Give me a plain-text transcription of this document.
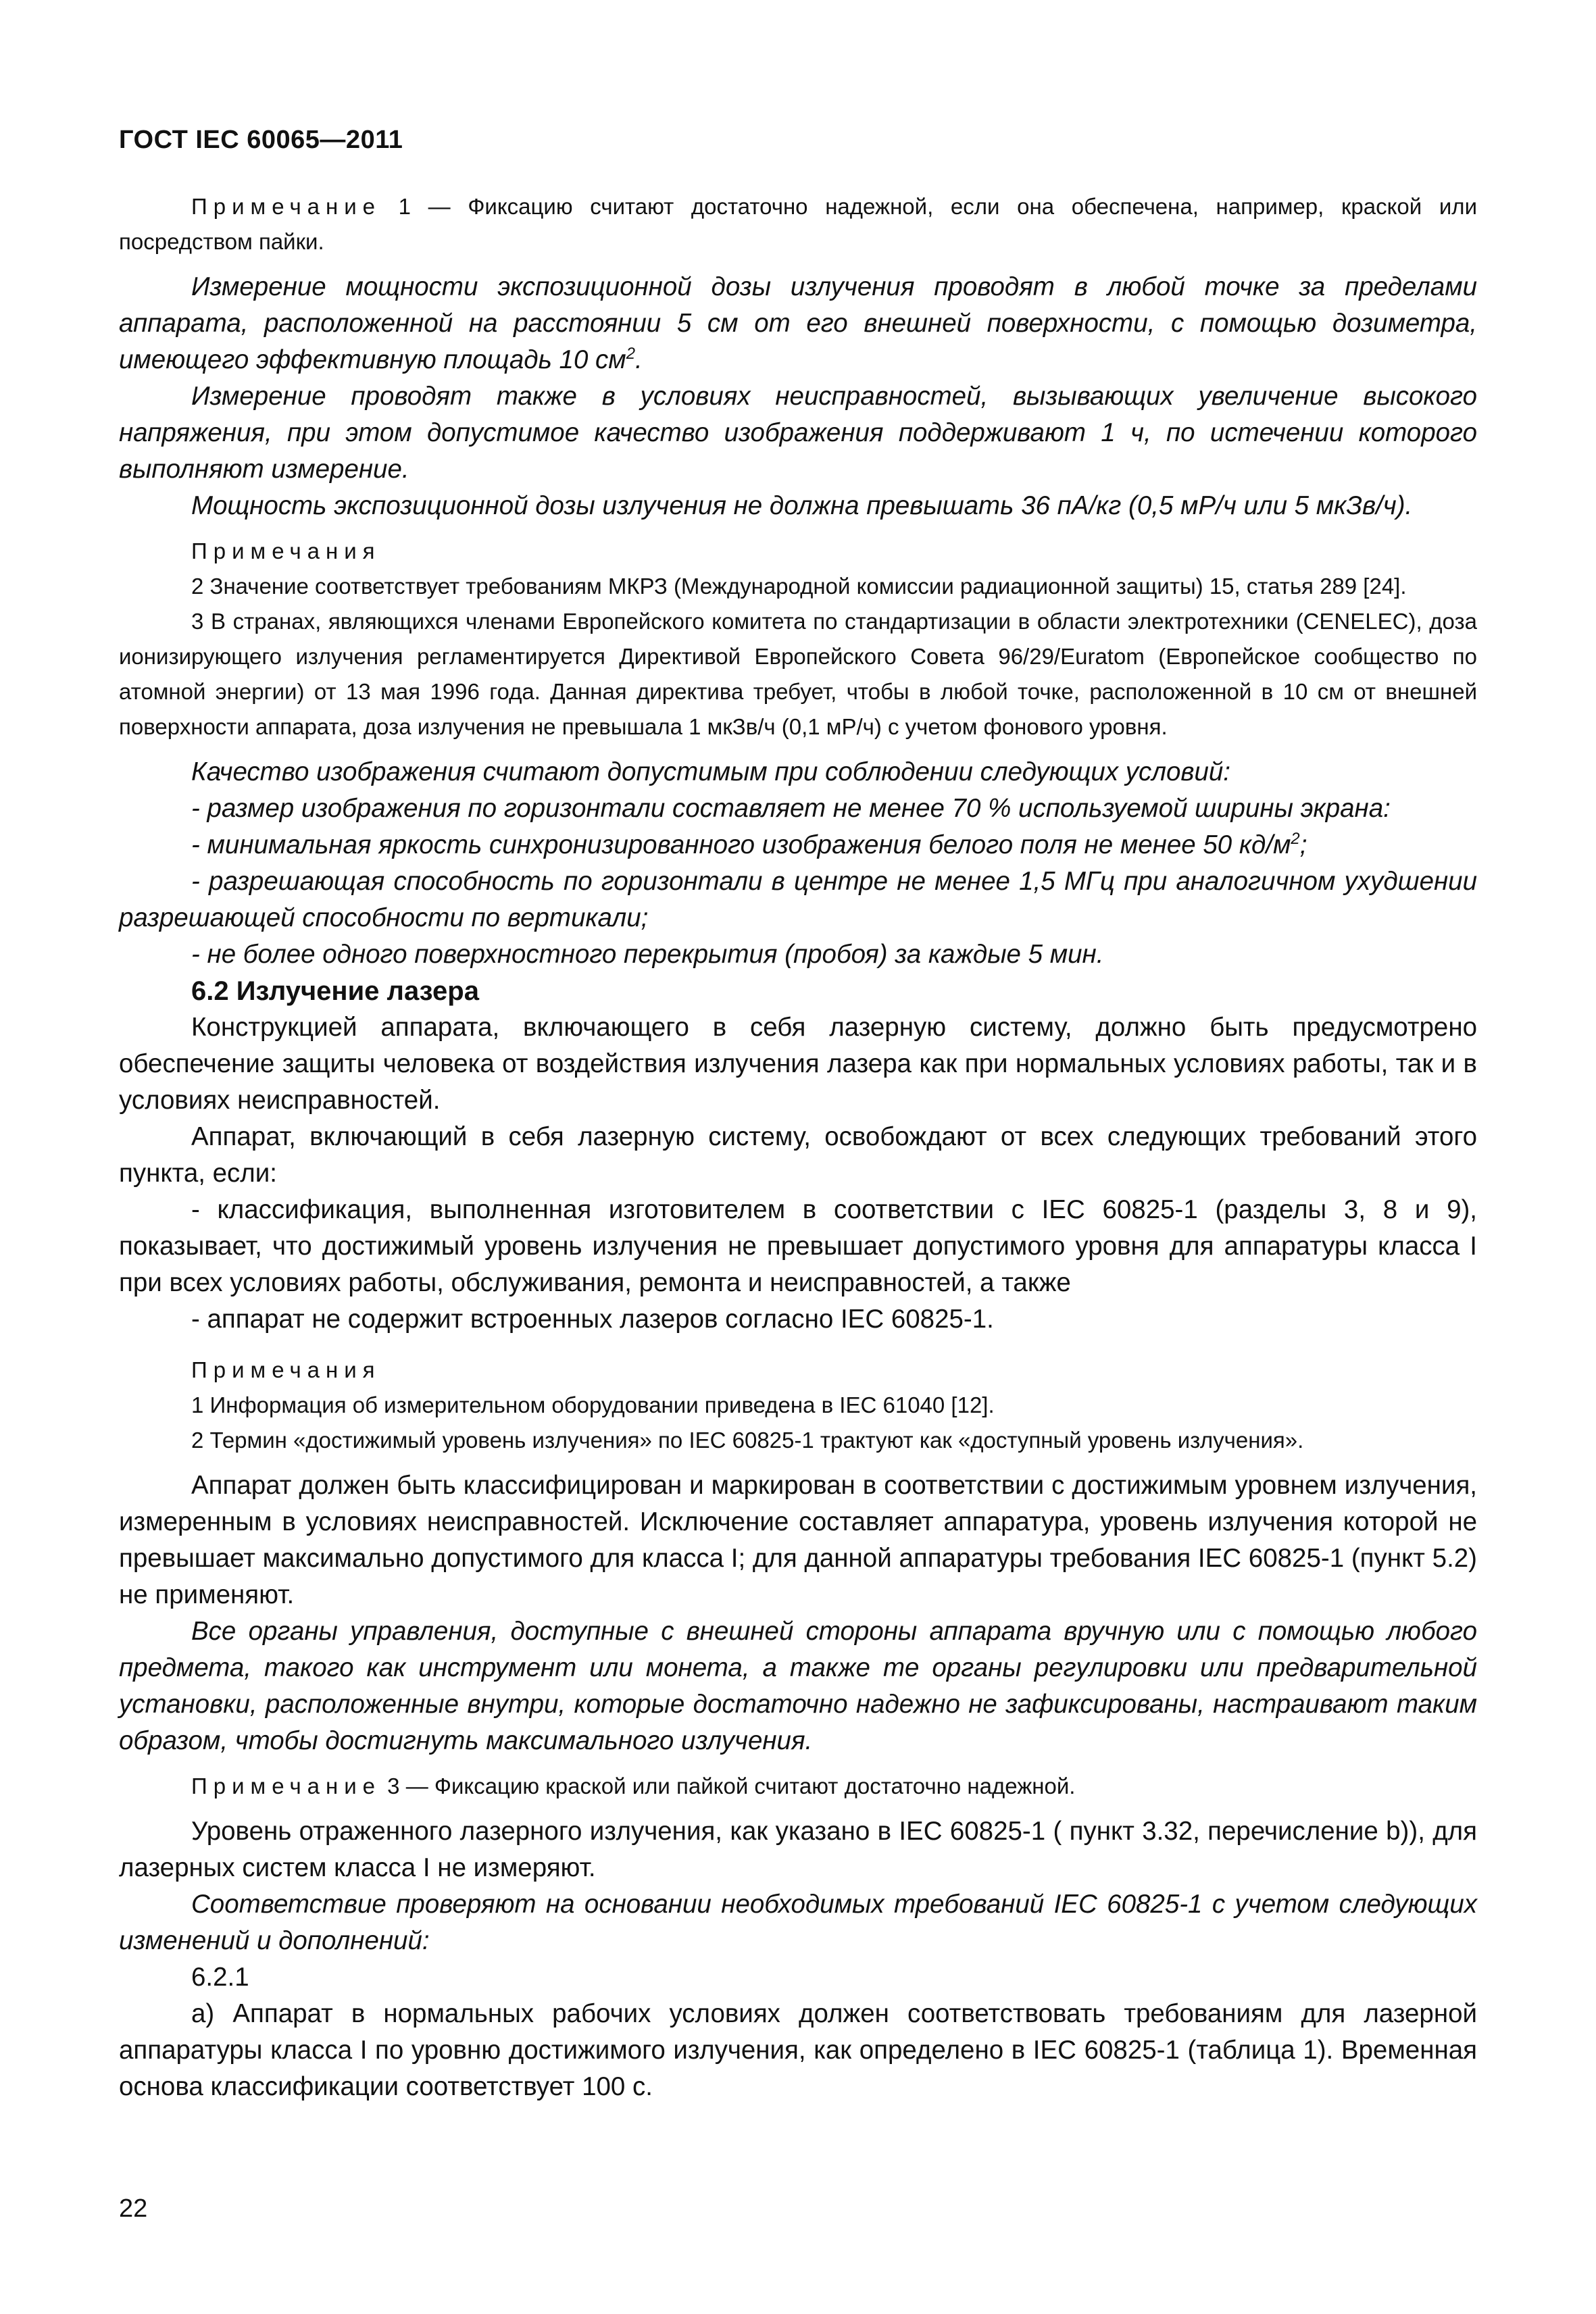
ГОСТ IEC 60065—2011

Примечание 1 — Фиксацию считают достаточно надежной, если она обеспечена, например, краской или посредством пайки.

Измерение мощности экспозиционной дозы излучения проводят в любой точке за пределами аппарата, расположенной на расстоянии 5 см от его внешней поверхности, с помощью дозиметра, имеющего эффективную площадь 10 $см^2$.

Измерение проводят также в условиях неисправностей, вызывающих увеличение высокого напряжения, при этом допустимое качество изображения поддерживают 1 ч, по истечении которого выполняют измерение.

Мощность экспозиционной дозы излучения не должна превышать 36 пА/кг (0,5 мР/ч или 5 мкЗв/ч).

Примечания

2 Значение соответствует требованиям МКРЗ (Международной комиссии радиационной защиты) 15, статья 289 [24].

3 В странах, являющихся членами Европейского комитета по стандартизации в области электротехники (CENELEC), доза ионизирующего излучения регламентируется Директивой Европейского Совета 96/29/Euratom (Европейское сообщество по атомной энергии) от 13 мая 1996 года. Данная директива требует, чтобы в любой точке, расположенной в 10 см от внешней поверхности аппарата, доза излучения не превышала 1 мкЗв/ч (0,1 мР/ч) с учетом фонового уровня.

Качество изображения считают допустимым при соблюдении следующих условий:

- размер изображения по горизонтали составляет не менее 70 % используемой ширины экрана:

- минимальная яркость синхронизированного изображения белого поля не менее 50 $кд/м^2$;

- разрешающая способность по горизонтали в центре не менее 1,5 МГц при аналогичном ухудшении разрешающей способности по вертикали;

- не более одного поверхностного перекрытия (пробоя) за каждые 5 мин.

6.2 Излучение лазера

Конструкцией аппарата, включающего в себя лазерную систему, должно быть предусмотрено обеспечение защиты человека от воздействия излучения лазера как при нормальных условиях работы, так и в условиях неисправностей.

Аппарат, включающий в себя лазерную систему, освобождают от всех следующих требований этого пункта, если:

- классификация, выполненная изготовителем в соответствии с IEC 60825-1 (разделы 3, 8 и 9), показывает, что достижимый уровень излучения не превышает допустимого уровня для аппаратуры класса I при всех условиях работы, обслуживания, ремонта и неисправностей, а также

- аппарат не содержит встроенных лазеров согласно IEC 60825-1.

Примечания

1 Информация об измерительном оборудовании приведена в IEC 61040 [12].

2 Термин «достижимый уровень излучения» по IEC 60825-1 трактуют как «доступный уровень излучения».

Аппарат должен быть классифицирован и маркирован в соответствии с достижимым уровнем излучения, измеренным в условиях неисправностей. Исключение составляет аппаратура, уровень излучения которой не превышает максимально допустимого для класса I; для данной аппаратуры требования IEC 60825-1 (пункт 5.2) не применяют.

Все органы управления, доступные с внешней стороны аппарата вручную или с помощью любого предмета, такого как инструмент или монета, а также те органы регулировки или предварительной установки, расположенные внутри, которые достаточно надежно не зафиксированы, настраивают таким образом, чтобы достигнуть максимального излучения.

Примечание 3 — Фиксацию краской или пайкой считают достаточно надежной.

Уровень отраженного лазерного излучения, как указано в IEC 60825-1 ( пункт 3.32, перечисление b)), для лазерных систем класса I не измеряют.

Соответствие проверяют на основании необходимых требований IEC 60825-1 с учетом следующих изменений и дополнений:

6.2.1

a) Аппарат в нормальных рабочих условиях должен соответствовать требованиям для лазерной аппаратуры класса I по уровню достижимого излучения, как определено в IEC 60825-1 (таблица 1). Временная основа классификации соответствует 100 с.

22
